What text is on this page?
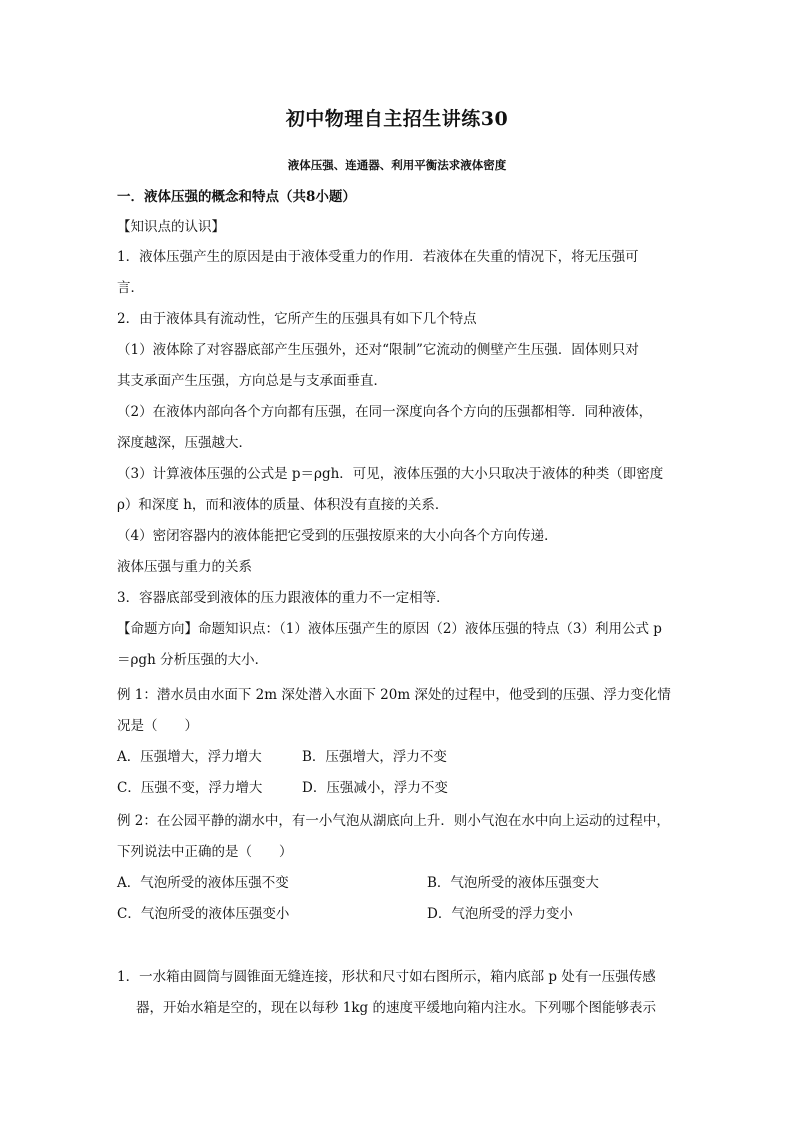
初中物理自主招生讲练30
液体压强、连通器、利用平衡法求液体密度
一．液体压强的概念和特点（共8小题）
【知识点的认识】
1．液体压强产生的原因是由于液体受重力的作用．若液体在失重的情况下，将无压强可
言．
2．由于液体具有流动性，它所产生的压强具有如下几个特点
（1）液体除了对容器底部产生压强外，还对“限制”它流动的侧壁产生压强．固体则只对
其支承面产生压强，方向总是与支承面垂直．
（2）在液体内部向各个方向都有压强，在同一深度向各个方向的压强都相等．同种液体，
深度越深，压强越大．
（3）计算液体压强的公式是 p＝ρgh．可见，液体压强的大小只取决于液体的种类（即密度
ρ）和深度 h，而和液体的质量、体积没有直接的关系．
（4）密闭容器内的液体能把它受到的压强按原来的大小向各个方向传递．
液体压强与重力的关系
3．容器底部受到液体的压力跟液体的重力不一定相等．
【命题方向】命题知识点：（1）液体压强产生的原因（2）液体压强的特点（3）利用公式 p
＝ρgh 分析压强的大小．
例 1：潜水员由水面下 2m 深处潜入水面下 20m 深处的过程中，他受到的压强、浮力变化情
况是（　　）
A．压强增大，浮力增大	B．压强增大，浮力不变
C．压强不变，浮力增大	D．压强减小，浮力不变
例 2：在公园平静的湖水中，有一小气泡从湖底向上升．则小气泡在水中向上运动的过程中，
下列说法中正确的是（　　）
A．气泡所受的液体压强不变	B．气泡所受的液体压强变大
C．气泡所受的液体压强变小	D．气泡所受的浮力变小
1．一水箱由圆筒与圆锥面无缝连接，形状和尺寸如右图所示，箱内底部 p 处有一压强传感
器，开始水箱是空的，现在以每秒 1kg 的速度平缓地向箱内注水。下列哪个图能够表示
